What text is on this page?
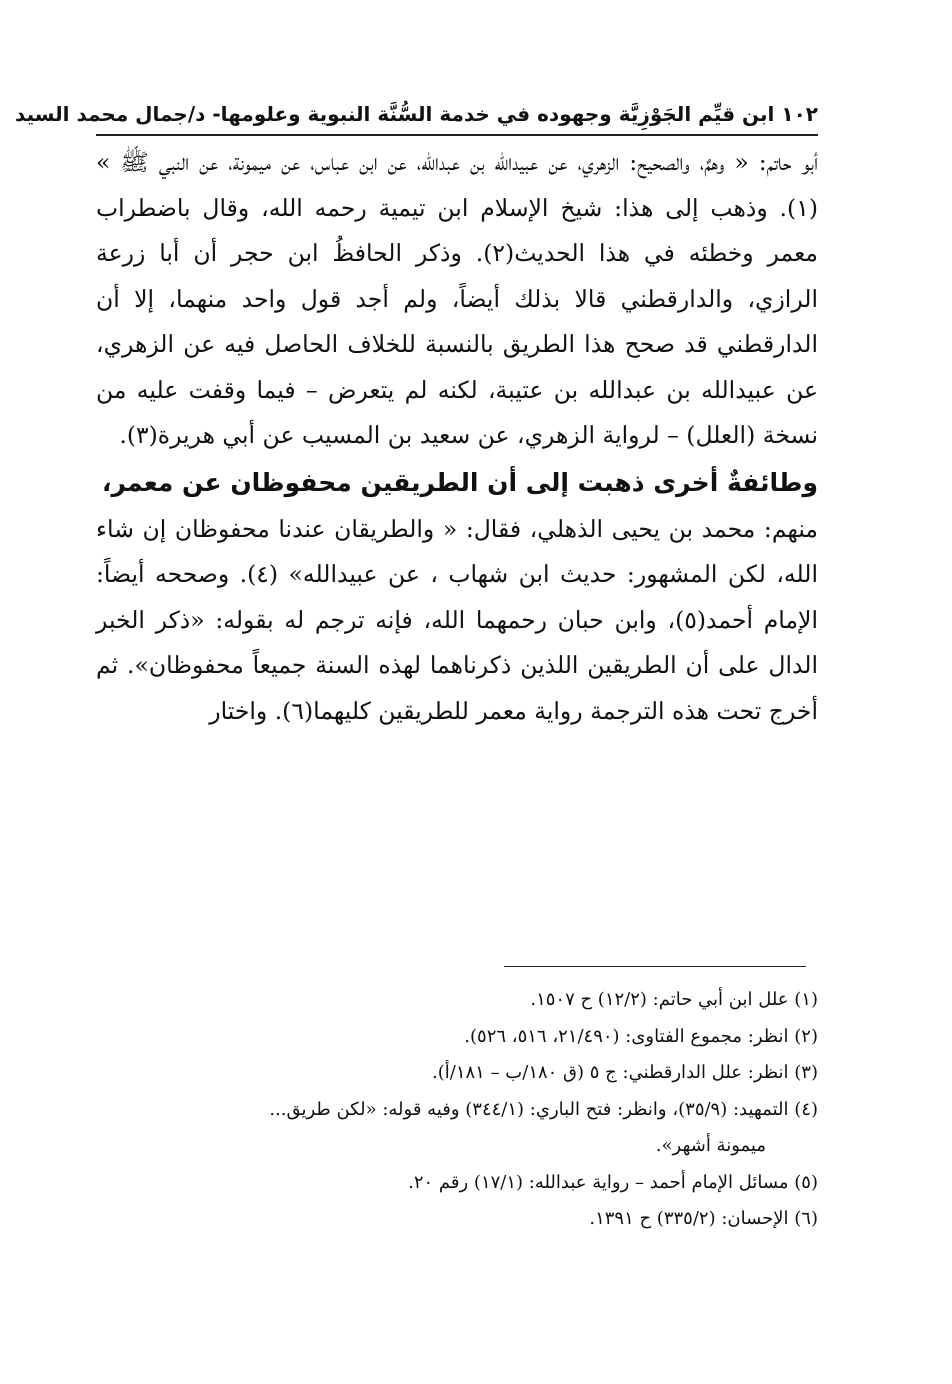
١٠٢ ابن قيِّم الجَوْزِيَّة وجهوده في خدمة السُّنَّة النبوية وعلومها- د/جمال محمد السيد

أبو حاتم: « وهمٌ، والصحيح: الزهري، عن عبيدالله بن عبدالله، عن ابن عباس، عن ميمونة، عن النبي ﷺ » (١). وذهب إلى هذا: شيخ الإسلام ابن تيمية رحمه الله، وقال باضطراب معمر وخطئه في هذا الحديث(٢). وذكر الحافظُ ابن حجر أن أبا زرعة الرازي، والدارقطني قالا بذلك أيضاً، ولم أجد قول واحد منهما، إلا أن الدارقطني قد صحح هذا الطريق بالنسبة للخلاف الحاصل فيه عن الزهري، عن عبيدالله بن عبدالله بن عتيبة، لكنه لم يتعرض – فيما وقفت عليه من نسخة (العلل) – لرواية الزهري، عن سعيد بن المسيب عن أبي هريرة(٣).

وطائفةٌ أخرى ذهبت إلى أن الطريقين محفوظان عن معمر،

منهم: محمد بن يحيى الذهلي، فقال: « والطريقان عندنا محفوظان إن شاء الله، لكن المشهور: حديث ابن شهاب ، عن عبيدالله» (٤). وصححه أيضاً: الإمام أحمد(٥)، وابن حبان رحمهما الله، فإنه ترجم له بقوله: «ذكر الخبر الدال على أن الطريقين اللذين ذكرناهما لهذه السنة جميعاً محفوظان». ثم أخرج تحت هذه الترجمة رواية معمر للطريقين كليهما(٦). واختار

(١) علل ابن أبي حاتم: (١٢/٢) ح ١٥٠٧.

(٢) انظر: مجموع الفتاوى: (٢١/٤٩٠، ٥١٦، ٥٢٦).

(٣) انظر: علل الدارقطني: ج ٥ (ق ١٨٠/ب – ١٨١/أ).

(٤) التمهيد: (٣٥/٩)، وانظر: فتح الباري: (٣٤٤/١) وفيه قوله: «لكن طريق...

ميمونة أشهر».

(٥) مسائل الإمام أحمد – رواية عبدالله: (١٧/١) رقم ٢٠.

(٦) الإحسان: (٣٣٥/٢) ح ١٣٩١.
